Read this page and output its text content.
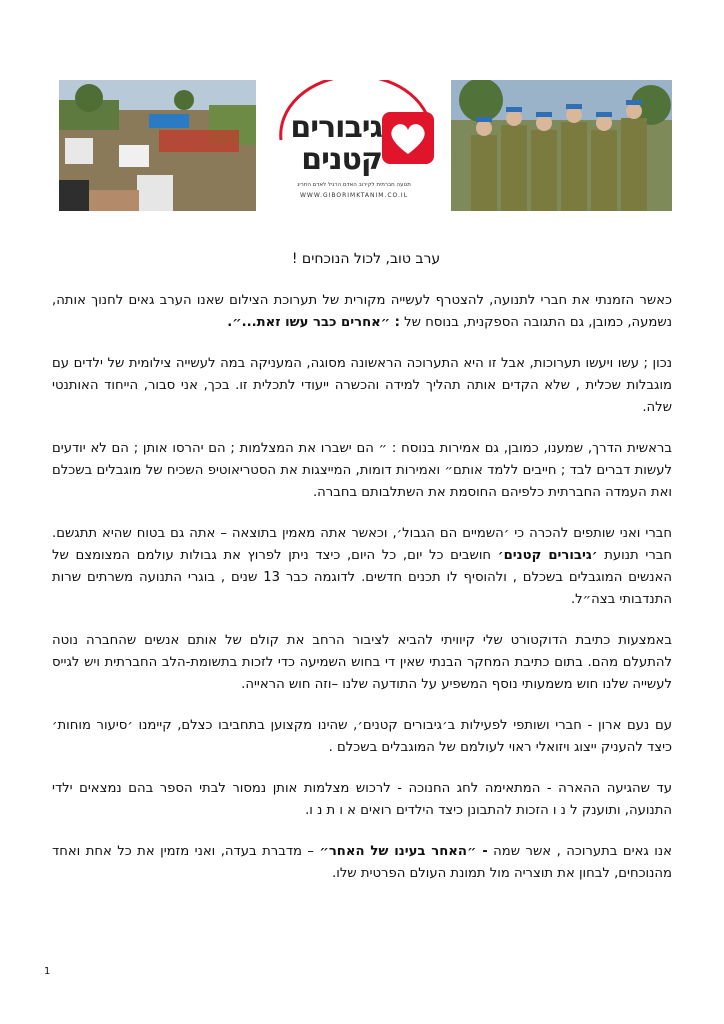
גיבורים
קטנים
תנועה חברתית לקירוב האדם הרגיל לאדם החריג
WWW.GIBORIMKTANIM.CO.IL
ערב טוב, לכול הנוכחים !

כאשר הזמנתי את חברי לתנועה, להצטרף לעשייה מקורית של תערוכת הצילום שאנו הערב גאים לחנוך אותה, נשמעה, כמובן, גם התגובה הספקנית, בנוסח של : ״אחרים כבר עשו זאת...״.

נכון ; עשו ויעשו תערוכות, אבל זו היא התערוכה הראשונה מסוגה, המעניקה במה לעשייה צילומית של ילדים עם מוגבלות שכלית , שלא הקדים אותה תהליך למידה והכשרה ייעודי לתכלית זו. בכך, אני סבור, הייחוד האותנטי שלה.

בראשית הדרך, שמענו, כמובן, גם אמירות בנוסח : ״ הם ישברו את המצלמות ; הם יהרסו אותן ; הם לא יודעים לעשות דברים לבד ; חייבים ללמד אותם״ ואמירות דומות, המייצגות את הסטריאוטיפ השכיח של מוגבלים בשכלם ואת העמדה החברתית כלפיהם החוסמת את השתלבותם בחברה.

חברי ואני שותפים להכרה כי ׳השמיים הם הגבול׳, וכאשר אתה מאמין בתוצאה – אתה גם בטוח שהיא תתגשם. חברי תנועת ׳גיבורים קטנים׳ חושבים כל יום, כל היום, כיצד ניתן לפרוץ את גבולות עולמם המצומצם של האנשים המוגבלים בשכלם , ולהוסיף לו תכנים חדשים. לדוגמה כבר 13 שנים , בוגרי התנועה משרתים שרות התנדבותי בצה״ל.

באמצעות כתיבת הדוקטורט שלי קיוויתי להביא לציבור הרחב את קולם של אותם אנשים שהחברה נוטה להתעלם מהם. בתום כתיבת המחקר הבנתי שאין די בחוש השמיעה כדי לזכות בתשומת-הלב החברתית ויש לגייס לעשייה שלנו חוש משמעותי נוסף המשפיע על התודעה שלנו –וזה חוש הראייה.

עם נעם ארון - חברי ושותפי לפעילות ב׳גיבורים קטנים׳, שהינו מקצוען בתחביבו כצלם, קיימנו ׳סיעור מוחות׳ כיצד להעניק ייצוג ויזואלי ראוי לעולמם של המוגבלים בשכלם .

עד שהגיעה ההארה - המתאימה לחג החנוכה - לרכוש מצלמות אותן נמסור לבתי הספר בהם נמצאים ילדי התנועה, ותוענק ל נ ו הזכות להתבונן כיצד הילדים רואים א ו ת נ ו.

אנו גאים בתערוכה , אשר שמה - ״האחר בעינו של האחר״ – מדברת בעדה, ואני מזמין את כל אחת ואחד מהנוכחים, לבחון את תוצריה מול תמונת העולם הפרטית שלו.

1
